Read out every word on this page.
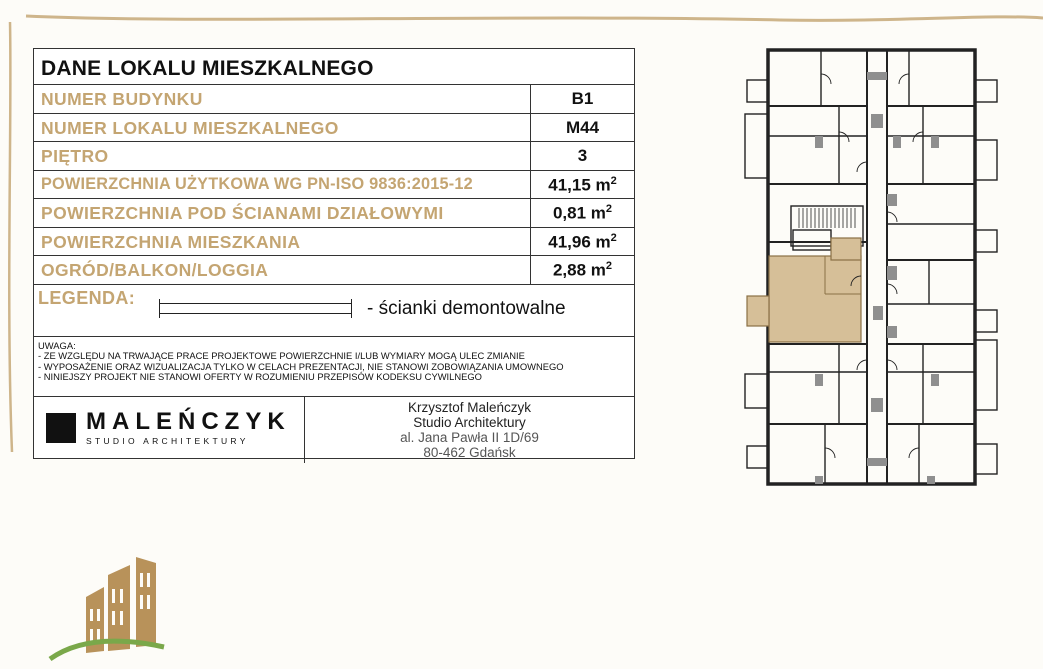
DANE LOKALU MIESZKALNEGO
NUMER BUDYNKU	B1
NUMER LOKALU MIESZKALNEGO	M44
PIĘTRO	3
POWIERZCHNIA UŻYTKOWA WG PN-ISO 9836:2015-12	41,15 $m^2$
POWIERZCHNIA POD ŚCIANAMI DZIAŁOWYMI	0,81 $m^2$
POWIERZCHNIA MIESZKANIA	41,96 $m^2$
OGRÓD/BALKON/LOGGIA	2,88 $m^2$
LEGENDA:	- ścianki demontowalne
UWAGA:
- ZE WZGLĘDU NA TRWAJĄCE PRACE PROJEKTOWE POWIERZCHNIE I/LUB WYMIARY MOGĄ ULEC ZMIANIE
- WYPOSAŻENIE ORAZ WIZUALIZACJA TYLKO W CELACH PREZENTACJI, NIE STANOWI ZOBOWIĄZANIA UMOWNEGO
- NINIEJSZY PROJEKT NIE STANOWI OFERTY W ROZUMIENIU PRZEPISÓW KODEKSU CYWILNEGO
MALEŃCZYK
STUDIO ARCHITEKTURY
Krzysztof Maleńczyk
Studio Architektury
al. Jana Pawła II 1D/69
80-462 Gdańsk
